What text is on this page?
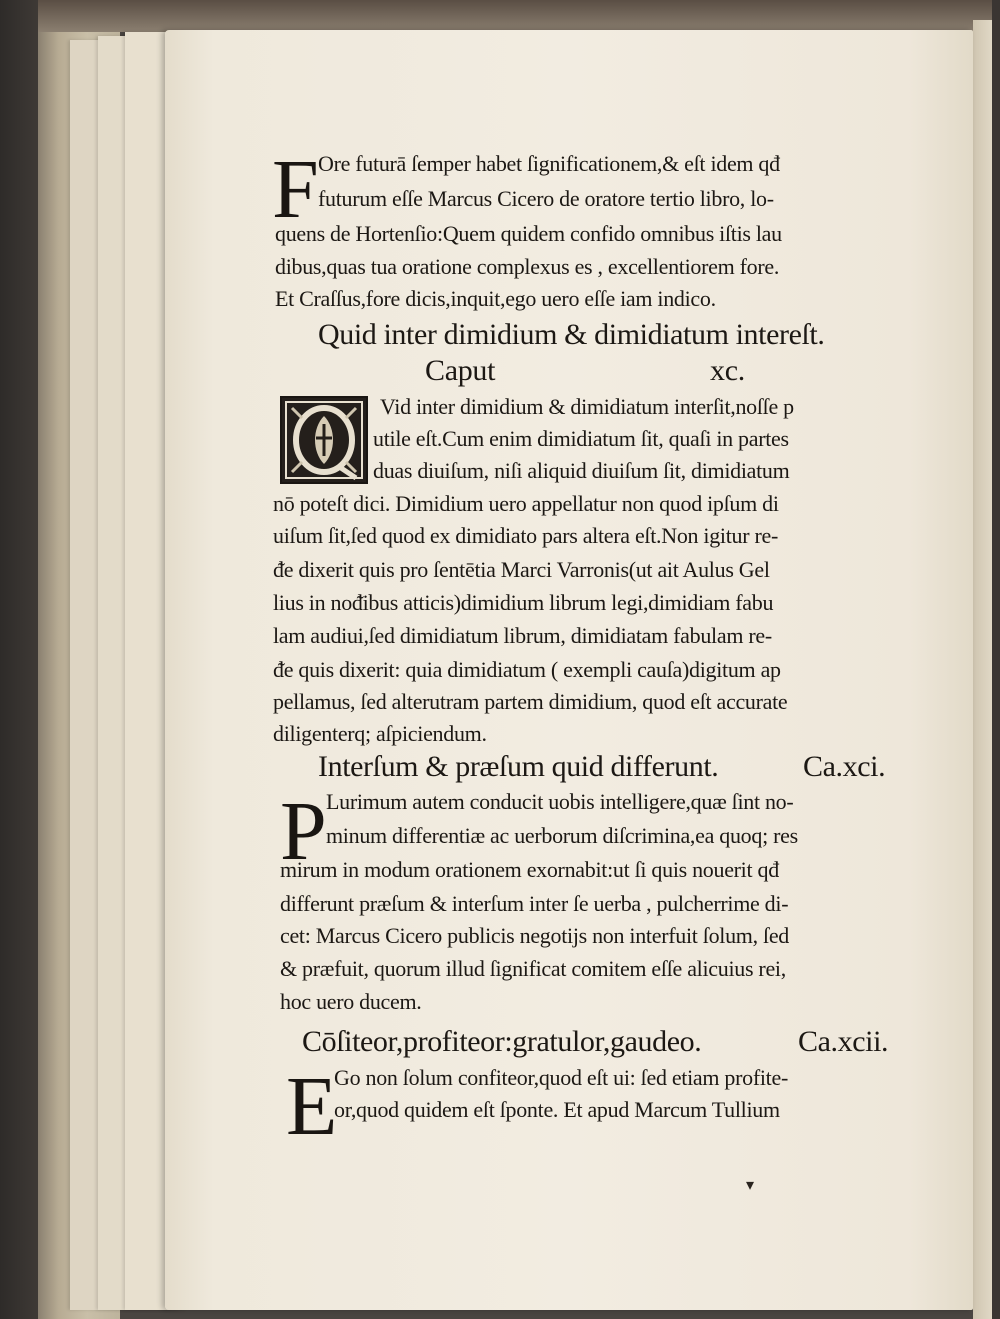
F Ore futurā ſemper habet ſignificationem,& eſt idem qđ
futurum eſſe Marcus Cicero de oratore tertio libro, lo-
quens de Hortenſio:Quem quidem confido omnibus iſtis lau
dibus,quas tua oratione complexus es , excellentiorem fore.
Et Craſſus,fore dicis,inquit,ego uero eſſe iam indico.
Quid inter dimidium & dimidiatum intereſt.
Caput	xc.
Vid inter dimidium & dimidiatum interſit,noſſe p
utile eſt.Cum enim dimidiatum ſit, quaſi in partes
duas diuiſum, niſi aliquid diuiſum ſit, dimidiatum
nō poteſt dici. Dimidium uero appellatur non quod ipſum di
uiſum ſit,ſed quod ex dimidiato pars altera eſt.Non igitur re-
ᵭe dixerit quis pro ſentētia Marci Varronis(ut ait Aulus Gel
lius in noᵭibus atticis)dimidium librum legi,dimidiam fabu
lam audiui,ſed dimidiatum librum, dimidiatam fabulam re-
ᵭe quis dixerit: quia dimidiatum ( exempli cauſa)digitum ap
pellamus, ſed alterutram partem dimidium, quod eſt accurate
diligenterq; aſpiciendum.
Interſum & præſum quid differunt.	Ca.xci.
P Lurimum autem conducit uobis intelligere,quæ ſint no-
minum differentiæ ac uerborum diſcrimina,ea quoq; res
mirum in modum orationem exornabit:ut ſi quis nouerit qđ
differunt præſum & interſum inter ſe uerba , pulcherrime di-
cet: Marcus Cicero publicis negotijs non interfuit ſolum, ſed
& præfuit, quorum illud ſignificat comitem eſſe alicuius rei,
hoc uero ducem.
Cōſiteor,profiteor:gratulor,gaudeo.	Ca.xcii.
E
Go non ſolum confiteor,quod eſt ui: ſed etiam profite-
or,quod quidem eſt ſponte. Et apud Marcum Tullium
▾
